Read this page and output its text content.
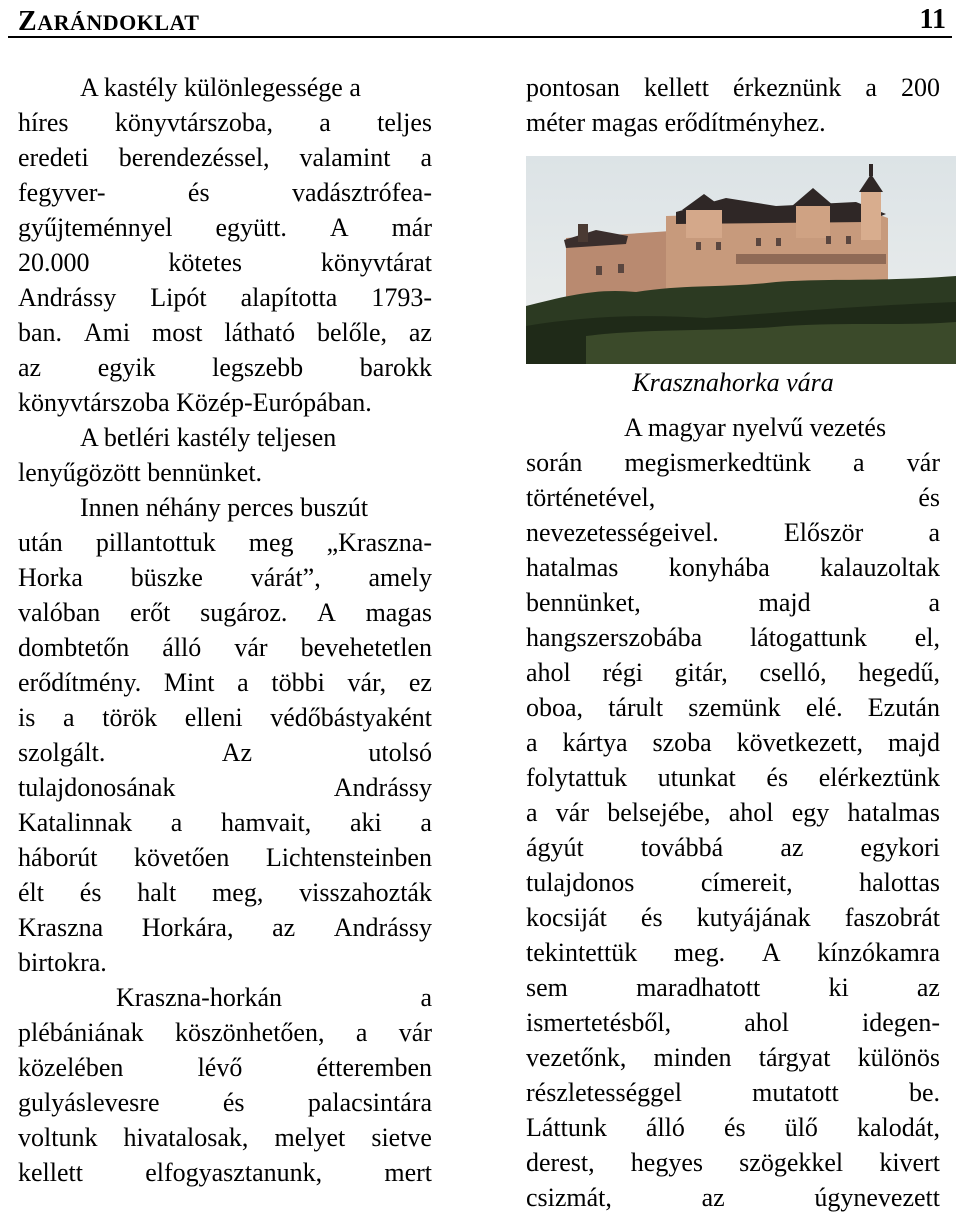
ZARÁNDOKLAT	11
A kastély különlegessége a
híres könyvtárszoba, a teljes
eredeti berendezéssel, valamint a
fegyver-	és	vadásztrófea-
gyűjteménnyel együtt. A már
20.000	kötetes	könyvtárat
Andrássy Lipót alapította 1793-
ban. Ami most látható belőle, az
az egyik legszebb barokk
könyvtárszoba Közép-Európában.
A betléri kastély teljesen
lenyűgözött bennünket.
Innen néhány perces buszút
után pillantottuk meg „Kraszna-
Horka büszke várát”, amely
valóban erőt sugároz. A magas
dombtetőn álló vár bevehetetlen
erődítmény. Mint a többi vár, ez
is a török elleni védőbástyaként
szolgált.	Az	utolsó
tulajdonosának	Andrássy
Katalinnak a hamvait, aki a
háborút követően Lichtensteinben
élt és halt meg, visszahozták
Kraszna Horkára, az Andrássy
birtokra.
Kraszna-horkán	a
plébániának köszönhetően, a vár
közelében	lévő	étteremben
gulyáslevesre és palacsintára
voltunk hivatalosak, melyet sietve
kellett elfogyasztanunk, mert
pontosan kellett érkeznünk a 200
méter magas erődítményhez.
Krasznahorka vára
A magyar nyelvű vezetés
során megismerkedtünk a vár
történetével,	és
nevezetességeivel.	Először	a
hatalmas konyhába kalauzoltak
bennünket,	majd	a
hangszerszobába látogattunk el,
ahol régi gitár, cselló, hegedű,
oboa, tárult szemünk elé. Ezután
a kártya szoba következett, majd
folytattuk utunkat és elérkeztünk
a vár belsejébe, ahol egy hatalmas
ágyút továbbá az egykori
tulajdonos	címereit,	halottas
kocsiját és kutyájának faszobrát
tekintettük meg. A kínzókamra
sem	maradhatott	ki	az
ismertetésből,	ahol	idegen-
vezetőnk, minden tárgyat különös
részletességgel	mutatott	be.
Láttunk álló és ülő kalodát,
derest, hegyes szögekkel kivert
csizmát,	az	úgynevezett
